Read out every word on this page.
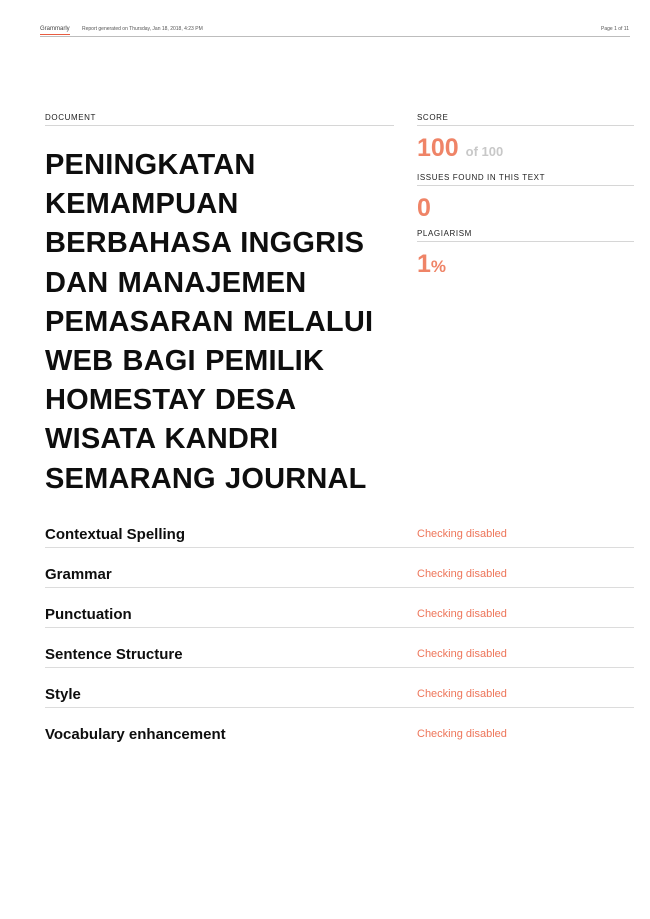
Grammarly Report generated on Thursday, Jan 18, 2018, 4:23 PM	Page 1 of 11
DOCUMENT
PENINGKATAN KEMAMPUAN BERBAHASA INGGRIS DAN MANAJEMEN PEMASARAN MELALUI WEB BAGI PEMILIK HOMESTAY DESA WISATA KANDRI SEMARANG JOURNAL
SCORE
100 of 100
ISSUES FOUND IN THIS TEXT
0
PLAGIARISM
1%
Contextual Spelling	Checking disabled
Grammar	Checking disabled
Punctuation	Checking disabled
Sentence Structure	Checking disabled
Style	Checking disabled
Vocabulary enhancement	Checking disabled
